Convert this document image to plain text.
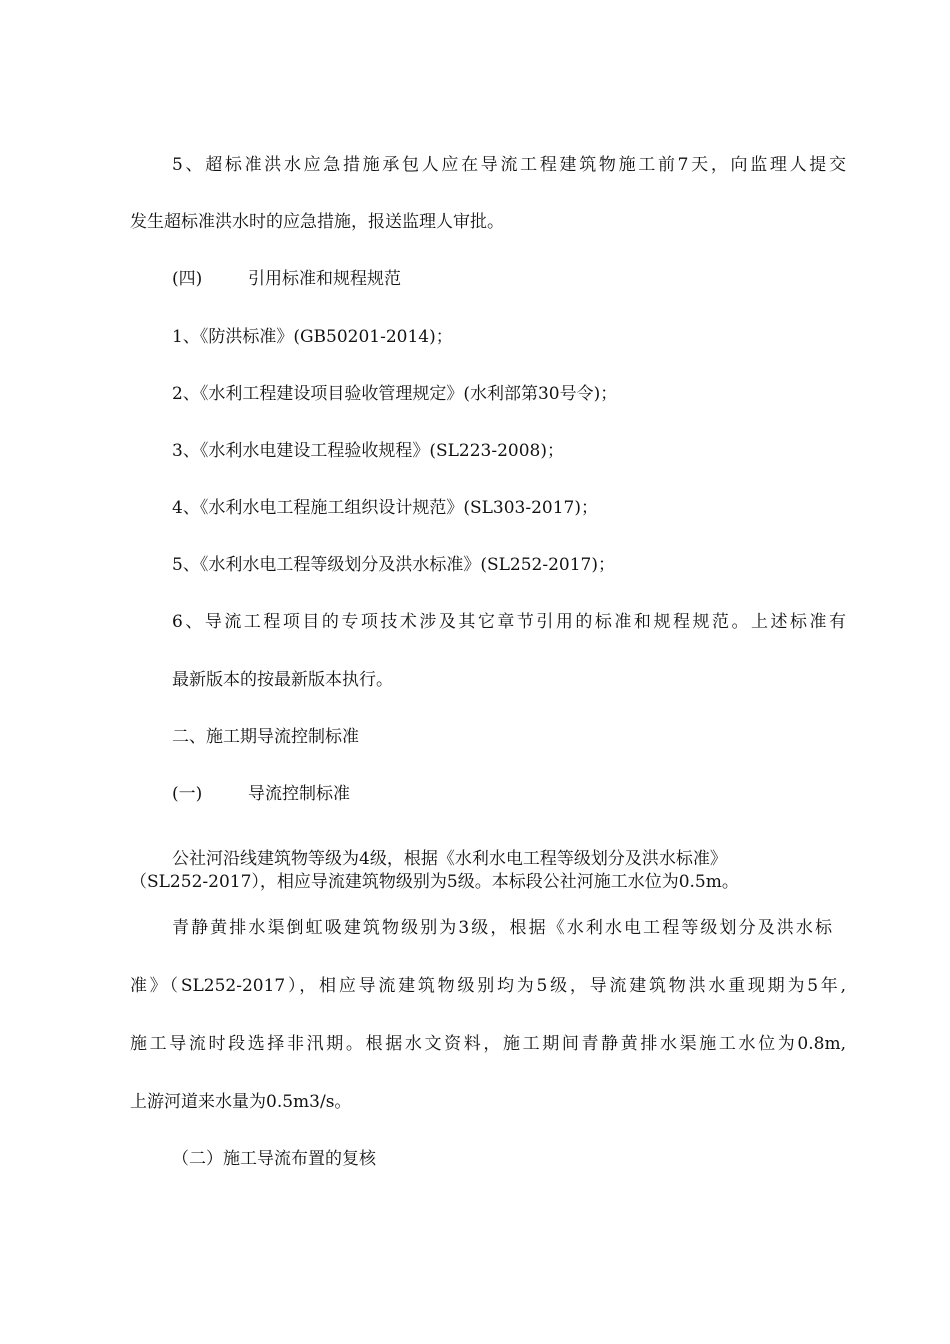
5、超标准洪水应急措施承包人应在导流工程建筑物施工前7天，向监理人提交
发生超标准洪水时的应急措施，报送监理人审批。
(四)	引用标准和规程规范
1、《防洪标准》(GB50201-2014)；
2、《水利工程建设项目验收管理规定》(水利部第30号令)；
3、《水利水电建设工程验收规程》(SL223-2008)；
4、《水利水电工程施工组织设计规范》(SL303-2017)；
5、《水利水电工程等级划分及洪水标准》(SL252-2017)；
6、导流工程项目的专项技术涉及其它章节引用的标准和规程规范。上述标准有
最新版本的按最新版本执行。
二、施工期导流控制标准
(一)	导流控制标准
公社河沿线建筑物等级为4级，根据《水利水电工程等级划分及洪水标准》
（SL252-2017），相应导流建筑物级别为5级。本标段公社河施工水位为0.5m。
青静黄排水渠倒虹吸建筑物级别为3级，根据《水利水电工程等级划分及洪水标
准》（SL252-2017），相应导流建筑物级别均为5级，导流建筑物洪水重现期为5年,
施工导流时段选择非汛期。根据水文资料，施工期间青静黄排水渠施工水位为0.8m,
上游河道来水量为0.5m3/s。
（二）施工导流布置的复核
